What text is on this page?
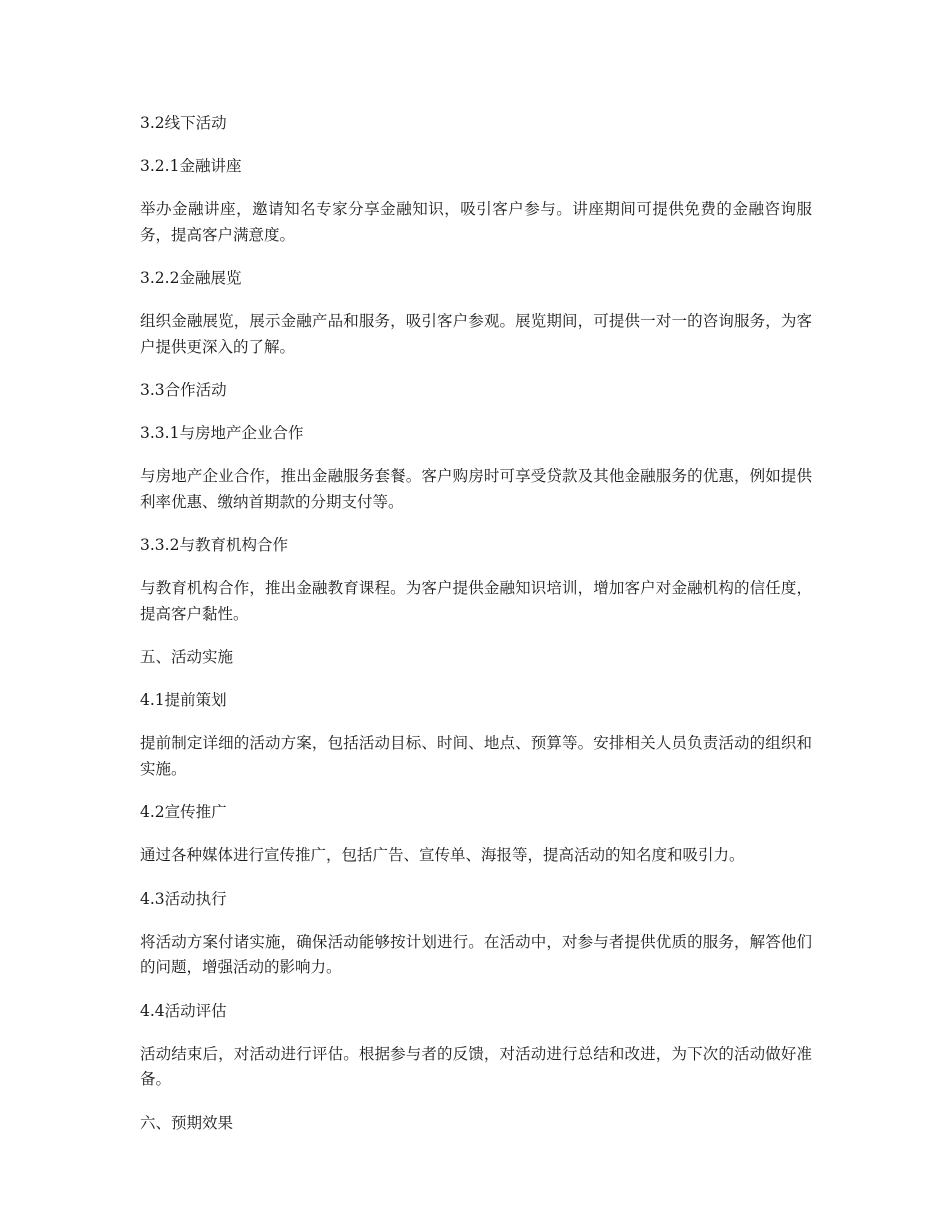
3.2线下活动

3.2.1金融讲座

举办金融讲座，邀请知名专家分享金融知识，吸引客户参与。讲座期间可提供免费的金融咨询服务，提高客户满意度。

3.2.2金融展览

组织金融展览，展示金融产品和服务，吸引客户参观。展览期间，可提供一对一的咨询服务，为客户提供更深入的了解。

3.3合作活动

3.3.1与房地产企业合作

与房地产企业合作，推出金融服务套餐。客户购房时可享受贷款及其他金融服务的优惠，例如提供利率优惠、缴纳首期款的分期支付等。

3.3.2与教育机构合作

与教育机构合作，推出金融教育课程。为客户提供金融知识培训，增加客户对金融机构的信任度，提高客户黏性。

五、活动实施

4.1提前策划

提前制定详细的活动方案，包括活动目标、时间、地点、预算等。安排相关人员负责活动的组织和实施。

4.2宣传推广

通过各种媒体进行宣传推广，包括广告、宣传单、海报等，提高活动的知名度和吸引力。

4.3活动执行

将活动方案付诸实施，确保活动能够按计划进行。在活动中，对参与者提供优质的服务，解答他们的问题，增强活动的影响力。

4.4活动评估

活动结束后，对活动进行评估。根据参与者的反馈，对活动进行总结和改进，为下次的活动做好准备。

六、预期效果
